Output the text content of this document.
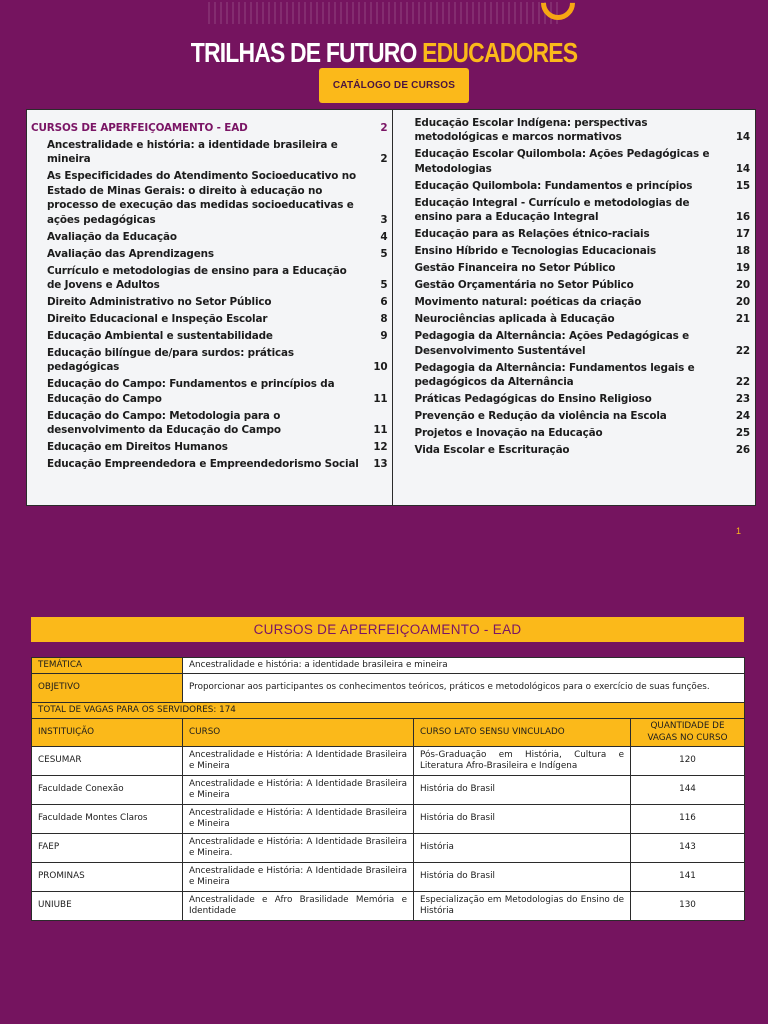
TRILHAS DE FUTURO EDUCADORES
CATÁLOGO DE CURSOS
CURSOS DE APERFEIÇOAMENTO - EAD	2
Ancestralidade e história: a identidade brasileira e mineira	2
As Especificidades do Atendimento Socioeducativo no Estado de Minas Gerais: o direito à educação no processo de execução das medidas socioeducativas e ações pedagógicas	3
Avaliação da Educação	4
Avaliação das Aprendizagens	5
Currículo e metodologias de ensino para a Educação de Jovens e Adultos	5
Direito Administrativo no Setor Público	6
Direito Educacional e Inspeção Escolar	8
Educação Ambiental e sustentabilidade	9
Educação bilíngue de/para surdos: práticas pedagógicas	10
Educação do Campo: Fundamentos e princípios da Educação do Campo	11
Educação do Campo: Metodologia para o desenvolvimento da Educação do Campo	11
Educação em Direitos Humanos	12
Educação Empreendedora e Empreendedorismo Social	13
Educação Escolar Indígena: perspectivas metodológicas e marcos normativos	14
Educação Escolar Quilombola: Ações Pedagógicas e Metodologias	14
Educação Quilombola: Fundamentos e princípios	15
Educação Integral - Currículo e metodologias de ensino para a Educação Integral	16
Educação para as Relações étnico-raciais	17
Ensino Híbrido e Tecnologias Educacionais	18
Gestão Financeira no Setor Público	19
Gestão Orçamentária no Setor Público	20
Movimento natural: poéticas da criação	20
Neurociências aplicada à Educação	21
Pedagogia da Alternância: Ações Pedagógicas e Desenvolvimento Sustentável	22
Pedagogia da Alternância: Fundamentos legais e pedagógicos da Alternância	22
Práticas Pedagógicas do Ensino Religioso	23
Prevenção e Redução da violência na Escola	24
Projetos e Inovação na Educação	25
Vida Escolar e Escrituração	26
1
CURSOS DE APERFEIÇOAMENTO - EAD
TEMÁTICA	Ancestralidade e história: a identidade brasileira e mineira		
OBJETIVO	Proporcionar aos participantes os conhecimentos teóricos, práticos e metodológicos para o exercício de suas funções.		
TOTAL DE VAGAS PARA OS SERVIDORES: 174			
INSTITUIÇÃO	CURSO	CURSO LATO SENSU VINCULADO	QUANTIDADE DE VAGAS NO CURSO
CESUMAR	Ancestralidade e História: A Identidade Brasileira e Mineira	Pós-Graduação em História, Cultura e Literatura Afro-Brasileira e Indígena	120
Faculdade Conexão	Ancestralidade e História: A Identidade Brasileira e Mineira	História do Brasil	144
Faculdade Montes Claros	Ancestralidade e História: A Identidade Brasileira e Mineira	História do Brasil	116
FAEP	Ancestralidade e História: A Identidade Brasileira e Mineira.	História	143
PROMINAS	Ancestralidade e História: A Identidade Brasileira e Mineira	História do Brasil	141
UNIUBE	Ancestralidade e Afro Brasilidade Memória e Identidade	Especialização em Metodologias do Ensino de História	130
